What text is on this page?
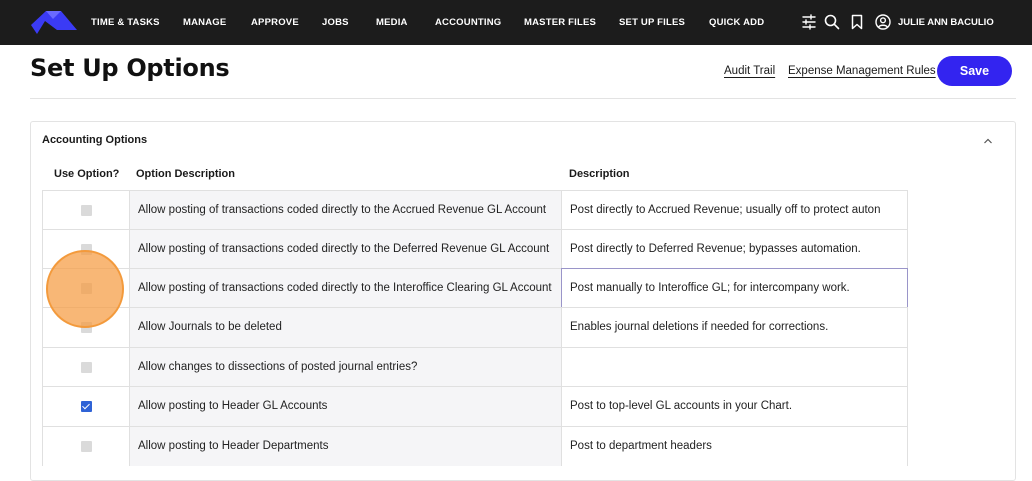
TIME & TASKS MANAGE	APPROVE JOBS	MEDIA	ACCOUNTING MASTER FILES SET UP FILES	QUICK ADD	JULIE ANN BACULIO
Set Up Options	Audit Trail Expense Management Rules	Save
Accounting Options
Use Option? Option Description	Description
Allow posting of transactions coded directly to the Accrued Revenue GL Account	Post directly to Accrued Revenue; usually off to protect auton
Allow posting of transactions coded directly to the Deferred Revenue GL Account	Post directly to Deferred Revenue; bypasses automation.
Allow posting of transactions coded directly to the Interoffice Clearing GL Account	Post manually to Interoffice GL; for intercompany work.
Allow Journals to be deleted	Enables journal deletions if needed for corrections.
Allow changes to dissections of posted journal entries?
Allow posting to Header GL Accounts	Post to top-level GL accounts in your Chart.
Allow posting to Header Departments	Post to department headers
